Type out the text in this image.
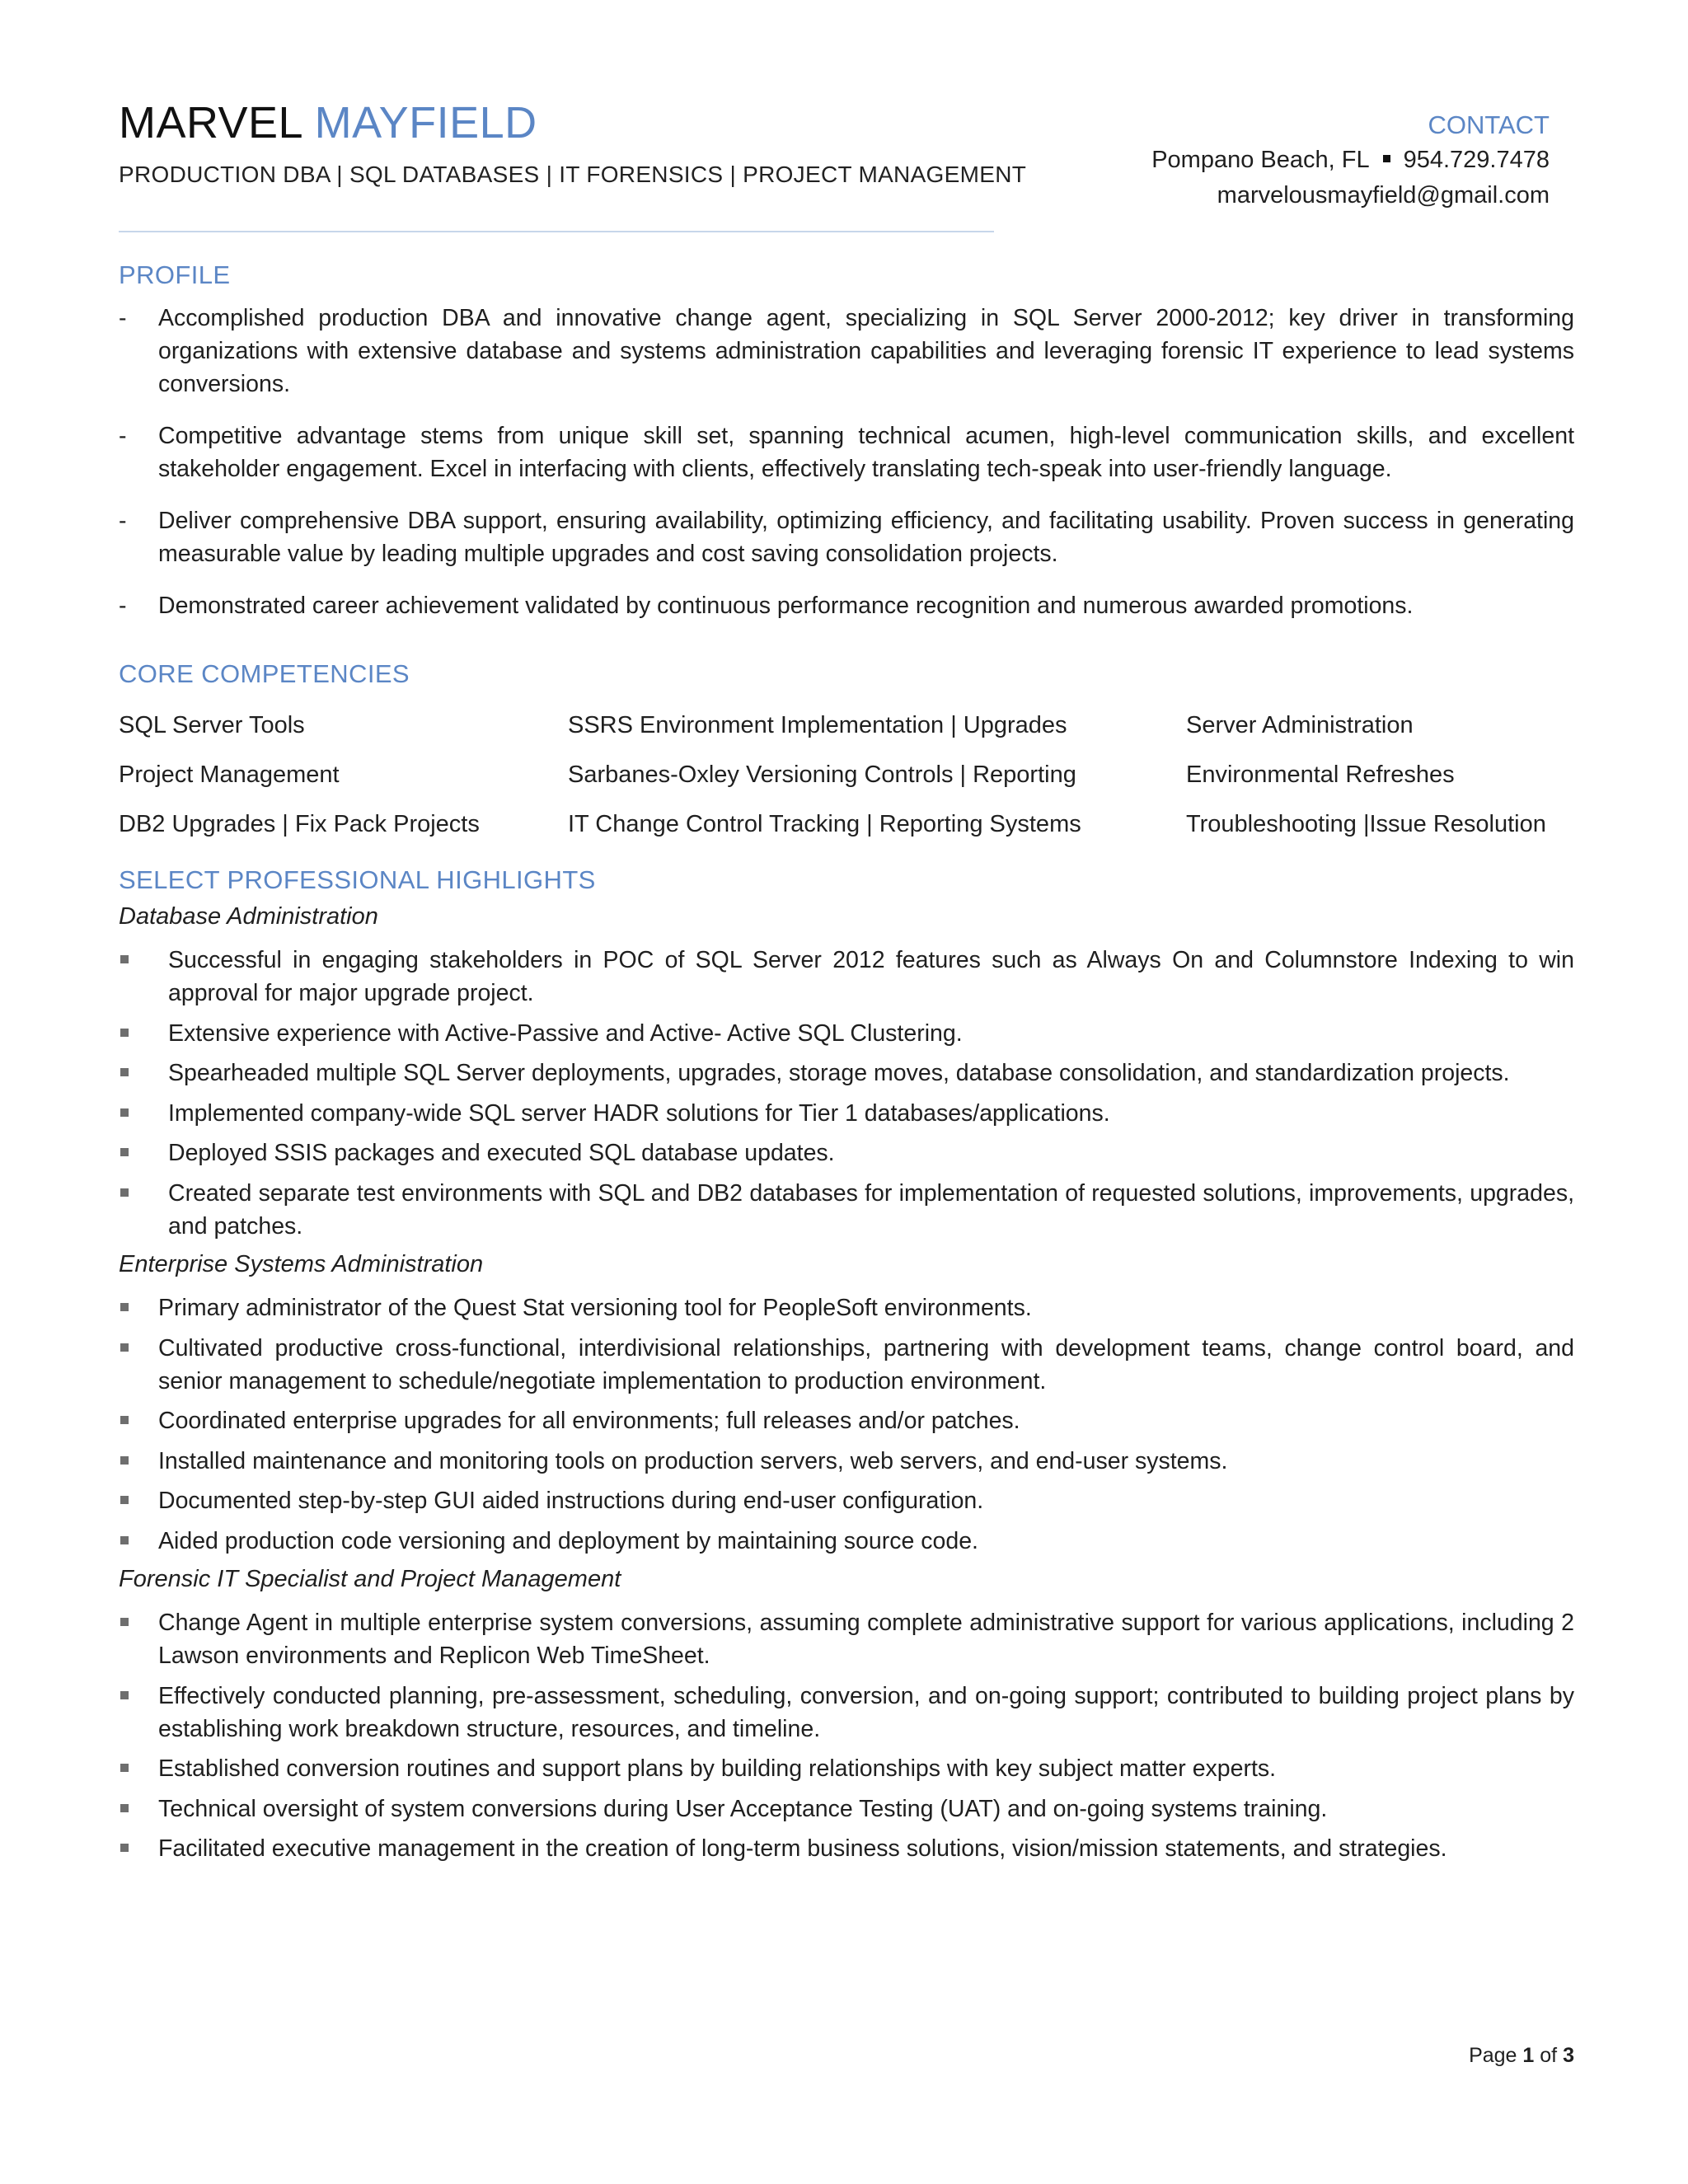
MARVEL MAYFIELD
PRODUCTION DBA | SQL DATABASES | IT FORENSICS | PROJECT MANAGEMENT
CONTACT
Pompano Beach, FL 954.729.7478
marvelousmayfield@gmail.com
PROFILE
- Accomplished production DBA and innovative change agent, specializing in SQL Server 2000-2012; key driver in transforming organizations with extensive database and systems administration capabilities and leveraging forensic IT experience to lead systems conversions.
- Competitive advantage stems from unique skill set, spanning technical acumen, high-level communication skills, and excellent stakeholder engagement. Excel in interfacing with clients, effectively translating tech-speak into user-friendly language.
- Deliver comprehensive DBA support, ensuring availability, optimizing efficiency, and facilitating usability. Proven success in generating measurable value by leading multiple upgrades and cost saving consolidation projects.
- Demonstrated career achievement validated by continuous performance recognition and numerous awarded promotions.
CORE COMPETENCIES
SQL Server Tools	SSRS Environment Implementation | Upgrades	Server Administration
Project Management	Sarbanes-Oxley Versioning Controls | Reporting	Environmental Refreshes
DB2 Upgrades | Fix Pack Projects	IT Change Control Tracking | Reporting Systems	Troubleshooting |Issue Resolution
SELECT PROFESSIONAL HIGHLIGHTS
Database Administration
Successful in engaging stakeholders in POC of SQL Server 2012 features such as Always On and Columnstore Indexing to win approval for major upgrade project.
Extensive experience with Active-Passive and Active- Active SQL Clustering.
Spearheaded multiple SQL Server deployments, upgrades, storage moves, database consolidation, and standardization projects.
Implemented company-wide SQL server HADR solutions for Tier 1 databases/applications.
Deployed SSIS packages and executed SQL database updates.
Created separate test environments with SQL and DB2 databases for implementation of requested solutions, improvements, upgrades, and patches.
Enterprise Systems Administration
Primary administrator of the Quest Stat versioning tool for PeopleSoft environments.
Cultivated productive cross-functional, interdivisional relationships, partnering with development teams, change control board, and senior management to schedule/negotiate implementation to production environment.
Coordinated enterprise upgrades for all environments; full releases and/or patches.
Installed maintenance and monitoring tools on production servers, web servers, and end-user systems.
Documented step-by-step GUI aided instructions during end-user configuration.
Aided production code versioning and deployment by maintaining source code.
Forensic IT Specialist and Project Management
Change Agent in multiple enterprise system conversions, assuming complete administrative support for various applications, including 2 Lawson environments and Replicon Web TimeSheet.
Effectively conducted planning, pre-assessment, scheduling, conversion, and on-going support; contributed to building project plans by establishing work breakdown structure, resources, and timeline.
Established conversion routines and support plans by building relationships with key subject matter experts.
Technical oversight of system conversions during User Acceptance Testing (UAT) and on-going systems training.
Facilitated executive management in the creation of long-term business solutions, vision/mission statements, and strategies.
Page 1 of 3
